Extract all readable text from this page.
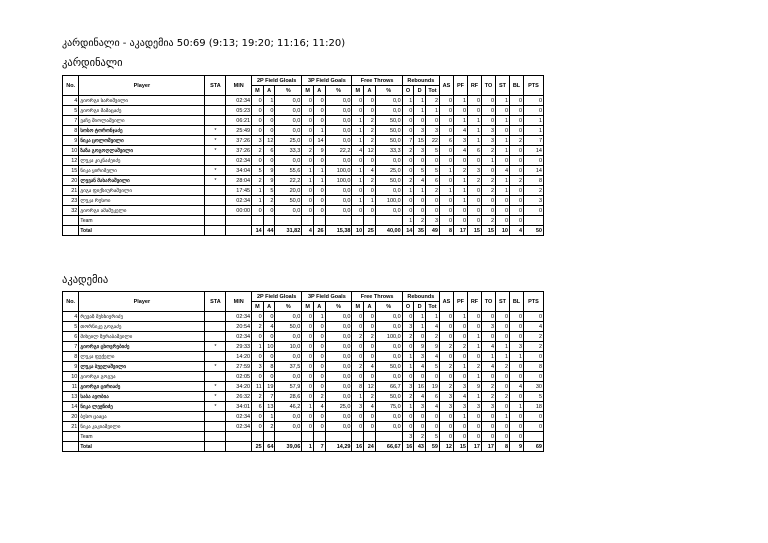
კარდინალი - აკადემია 50:69 (9:13; 19:20; 11:16; 11:20)
კარდინალი
No.	Player	STA	MIN	2P Field Gloals			3P Field Goals			Free Throws			Rebounds			AS	PF	RF	TO	ST	BL	PTS
				M	A	%	M	A	%	M	A	%	O	D	Tot							
4	გიორგი სარიშვილი		02:34	0	1	0,0	0	0	0,0	0	0	0,0	1	1	2	0	1	0	0	1	0	0
5	გიორგი მამაცაძე		05:23	0	0	0,0	0	0	0,0	0	0	0,0	0	1	1	0	0	0	0	0	0	0
7	ვაჩე შიოლაშვილი		06:21	0	0	0,0	0	0	0,0	1	2	50,0	0	0	0	0	1	1	0	1	0	1
8	სოსო ტორონჯაძე	*	25:49	0	0	0,0	0	1	0,0	1	2	50,0	0	3	3	0	4	1	3	0	0	1
9	ნიკა ცოლოშვილი	*	37:26	3	12	25,0	0	14	0,0	1	2	50,0	7	15	22	6	3	1	3	1	2	7
10	ზაზა გოგოღლაშვილი	*	37:26	2	6	33,3	2	9	22,2	4	12	33,3	2	3	5	0	4	6	2	1	0	14
12	ლუკა კიკნაძეიძე		02:34	0	0	0,0	0	0	0,0	0	0	0,0	0	0	0	0	0	0	1	0	0	0
15	ნიკა ყირიმელი	*	34:04	5	9	55,6	1	1	100,0	1	4	25,0	0	5	5	1	2	3	0	4	0	14
20	ლევან მახარაშვილი	*	28:04	2	9	22,2	1	1	100,0	1	2	50,0	2	4	6	0	1	2	2	1	2	8
21	გიგა ფიქსიურაშვილი		17:45	1	5	20,0	0	0	0,0	0	0	0,0	1	1	2	1	1	0	2	1	0	2
23	ლუკა რუსოი		02:34	1	2	50,0	0	0	0,0	1	1	100,0	0	0	0	0	1	0	0	0	0	3
32	გიორგი ამაშუკელი		00:00	0	0	0,0	0	0	0,0	0	0	0,0	0	0	0	0	0	0	0	0	0	0
	Team												1	2	3	0	0	0	2	0	0	
	Total			14	44	31,82	4	26	15,38	10	25	40,00	14	35	49	8	17	15	15	10	4	50
აკადემია
No.	Player	STA	MIN	2P Field Gloals			3P Field Goals			Free Throws			Rebounds			AS	PF	RF	TO	ST	BL	PTS
				M	A	%	M	A	%	M	A	%	O	D	Tot							
4	რევაზ მესხიერიძე		02:34	0	0	0,0	0	1	0,0	0	0	0,0	0	1	1	0	1	0	0	0	0	0
5	თორნიკე გოგაძე		20:54	2	4	50,0	0	0	0,0	0	0	0,0	3	1	4	0	0	0	3	0	0	4
6	მიხეილ ზურაბაშვილი		02:34	0	0	0,0	0	0	0,0	2	2	100,0	2	0	2	0	0	1	0	0	0	2
7	გიორგი ცხოვრებიძე	*	29:33	1	10	10,0	0	0	0,0	0	0	0,0	0	9	9	2	2	1	4	1	3	2
8	ლუკა ფუქელი		14:20	0	0	0,0	0	0	0,0	0	0	0,0	1	3	4	0	0	0	1	1	1	0
9	ლუკა ბუელაშვილი	*	27:59	3	8	37,5	0	0	0,0	2	4	50,0	1	4	5	2	1	2	4	2	0	8
10	გიორგი გოგუა		02:05	0	0	0,0	0	0	0,0	0	0	0,0	0	0	0	0	0	1	0	0	0	0
11	გიორგი ცირიაძე	*	34:20	11	19	57,9	0	0	0,0	8	12	66,7	3	16	19	2	3	9	2	0	4	30
13	საბა ავობია	*	26:32	2	7	28,6	0	2	0,0	1	2	50,0	2	4	6	3	4	1	2	2	0	5
14	ნიკა ლეჟნიძე	*	34:01	6	13	46,2	1	4	25,0	3	4	75,0	1	3	4	3	3	3	3	0	1	18
20	ბესო ცააცა		02:34	0	1	0,0	0	0	0,0	0	0	0,0	0	0	0	0	1	0	0	1	0	0
21	ნიკა კაკიაშვილი		02:34	0	2	0,0	0	0	0,0	0	0	0,0	0	0	0	0	0	0	0	0	0	0
	Team												3	2	5	0	0	0	0	0	0	
	Total			25	64	39,06	1	7	14,29	16	24	66,67	16	43	59	12	15	17	17	8	9	69
